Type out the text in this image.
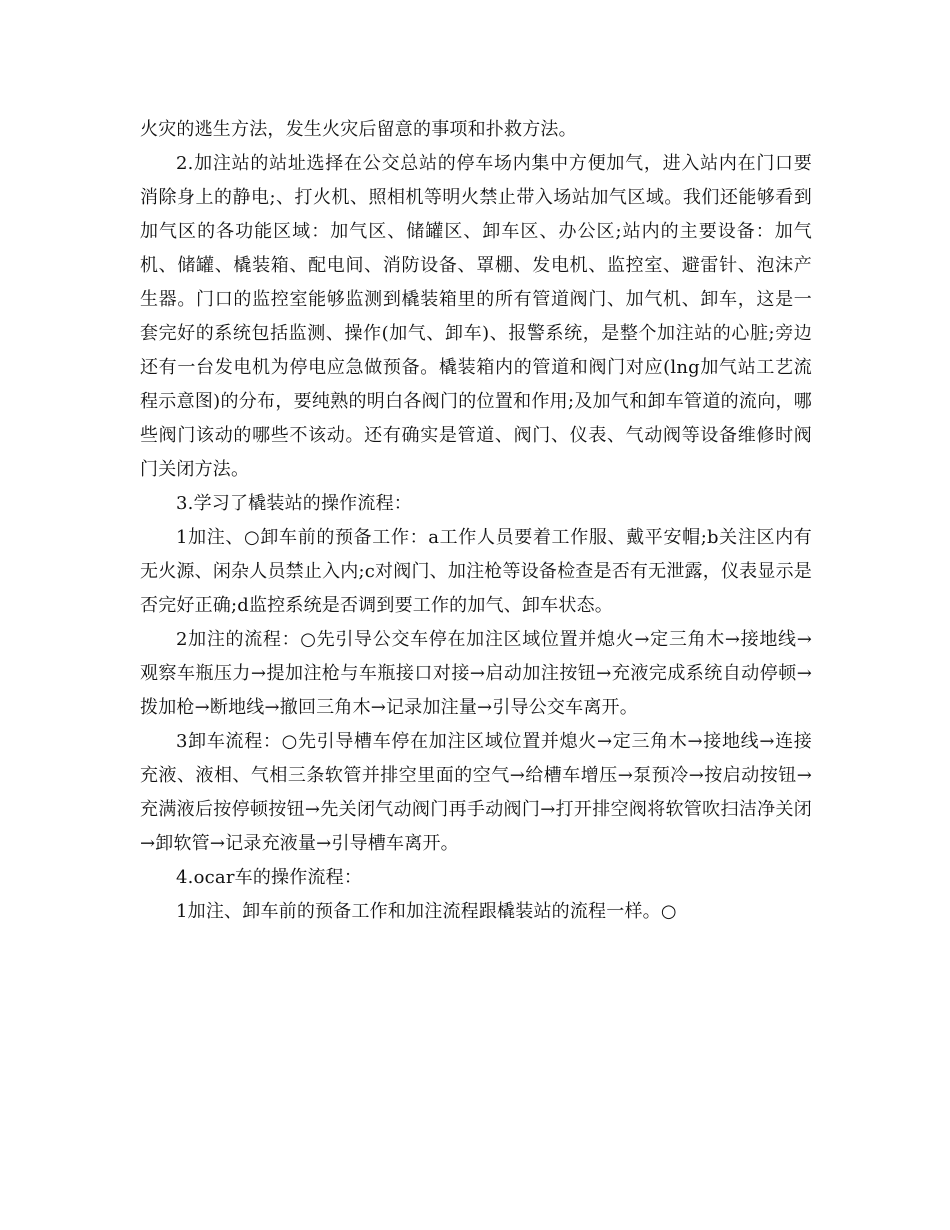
火灾的逃生方法，发生火灾后留意的事项和扑救方法。

2.加注站的站址选择在公交总站的停车场内集中方便加气，进入站内在门口要消除身上的静电;、打火机、照相机等明火禁止带入场站加气区域。我们还能够看到加气区的各功能区域：加气区、储罐区、卸车区、办公区;站内的主要设备：加气机、储罐、橇装箱、配电间、消防设备、罩棚、发电机、监控室、避雷针、泡沫产生器。门口的监控室能够监测到橇装箱里的所有管道阀门、加气机、卸车，这是一套完好的系统包括监测、操作(加气、卸车)、报警系统，是整个加注站的心脏;旁边还有一台发电机为停电应急做预备。橇装箱内的管道和阀门对应(lng加气站工艺流程示意图)的分布，要纯熟的明白各阀门的位置和作用;及加气和卸车管道的流向，哪些阀门该动的哪些不该动。还有确实是管道、阀门、仪表、气动阀等设备维修时阀门关闭方法。

3.学习了橇装站的操作流程：

1加注、○卸车前的预备工作：a工作人员要着工作服、戴平安帽;b关注区内有无火源、闲杂人员禁止入内;c对阀门、加注枪等设备检查是否有无泄露，仪表显示是否完好正确;d监控系统是否调到要工作的加气、卸车状态。

2加注的流程：○先引导公交车停在加注区域位置并熄火→定三角木→接地线→观察车瓶压力→提加注枪与车瓶接口对接→启动加注按钮→充液完成系统自动停顿→拨加枪→断地线→撤回三角木→记录加注量→引导公交车离开。

3卸车流程：○先引导槽车停在加注区域位置并熄火→定三角木→接地线→连接充液、液相、气相三条软管并排空里面的空气→给槽车增压→泵预冷→按启动按钮→充满液后按停顿按钮→先关闭气动阀门再手动阀门→打开排空阀将软管吹扫洁净关闭→卸软管→记录充液量→引导槽车离开。

4.ocar车的操作流程：

1加注、卸车前的预备工作和加注流程跟橇装站的流程一样。○
